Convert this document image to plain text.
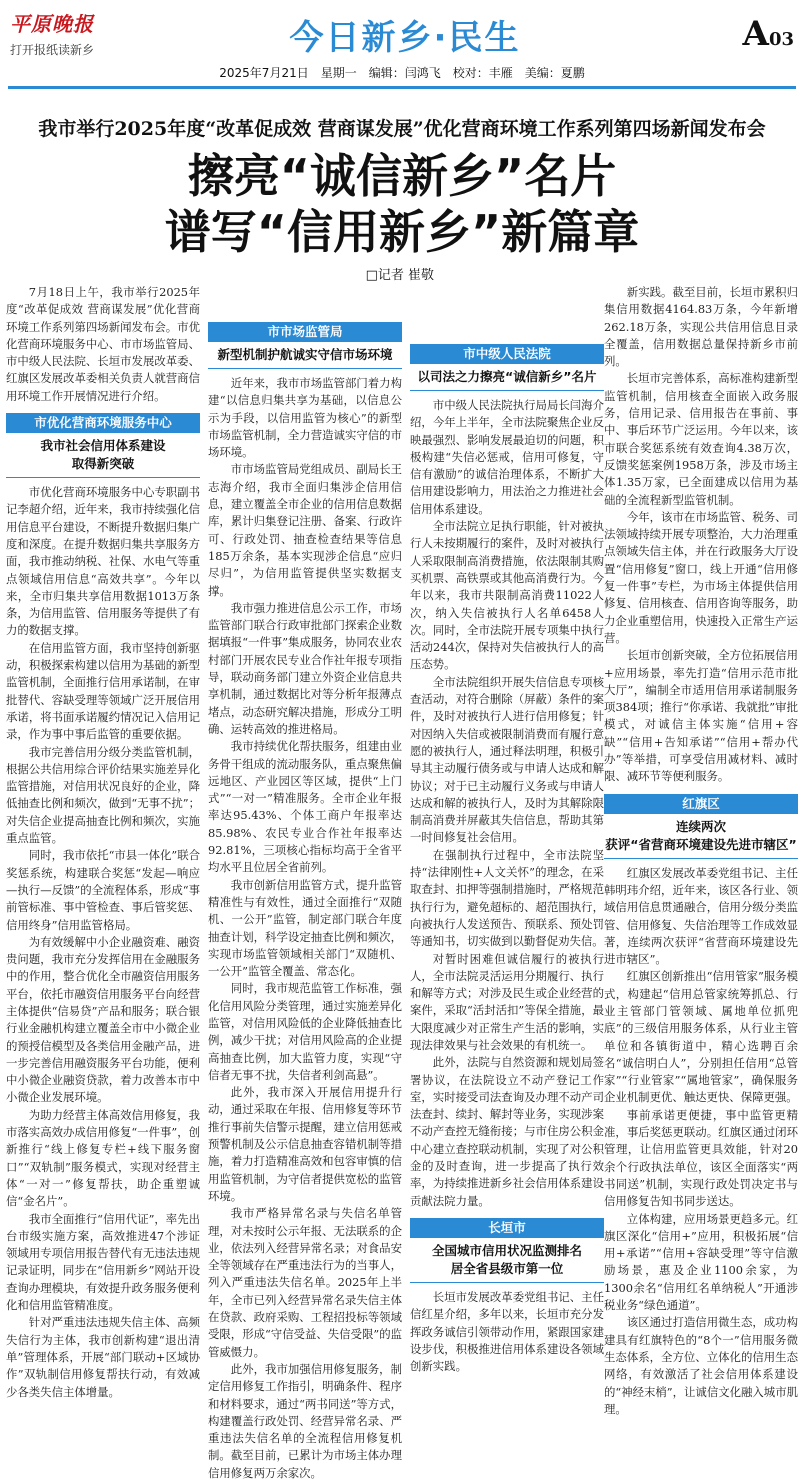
平原晚报
打开报纸读新乡	今日新乡·民生	A03
2025年7月21日　星期一　编辑：闫鸿飞　校对：丰雁　美编：夏鹏
我市举行2025年度“改革促成效 营商谋发展”优化营商环境工作系列第四场新闻发布会
擦亮“诚信新乡”名片
谱写“信用新乡”新篇章
□记者 崔敬

7月18日上午，我市举行2025年度“改革促成效 营商谋发展”优化营商环境工作系列第四场新闻发布会。市优化营商环境服务中心、市市场监管局、市中级人民法院、长垣市发展改革委、红旗区发展改革委相关负责人就营商信用环境工作开展情况进行介绍。

市优化营商环境服务中心
我市社会信用体系建设
取得新突破

市优化营商环境服务中心专职副书记李超介绍，近年来，我市持续强化信用信息平台建设，不断提升数据归集广度和深度。在提升数据归集共享服务方面，我市推动纳税、社保、水电气等重点领域信用信息“高效共享”。今年以来，全市归集共享信用数据1013万条条，为信用监管、信用服务等提供了有力的数据支撑。

在信用监管方面，我市坚持创新驱动，积极探索构建以信用为基础的新型监管机制，全面推行信用承诺制，在审批替代、容缺受理等领域广泛开展信用承诺，将书面承诺履约情况记入信用记录，作为事中事后监管的重要依据。

我市完善信用分级分类监管机制，根据公共信用综合评价结果实施差异化监管措施，对信用状况良好的企业，降低抽查比例和频次，做到“无事不扰”；对失信企业提高抽查比例和频次，实施重点监管。

同时，我市依托“市县一体化”联合奖惩系统，构建联合奖惩“发起—响应—执行—反馈”的全流程体系，形成“事前管标准、事中管检查、事后管奖惩、信用终身”信用监管格局。

为有效缓解中小企业融资难、融资贵问题，我市充分发挥信用在金融服务中的作用，整合优化全市融资信用服务平台，依托市融资信用服务平台向经营主体提供“信易贷”产品和服务；联合银行业金融机构建立覆盖全市中小微企业的预授信模型及各类信用金融产品，进一步完善信用融资服务平台功能，便利中小微企业融资贷款，着力改善本市中小微企业发展环境。

为助力经营主体高效信用修复，我市落实高效办成信用修复“一件事”，创新推行“线上修复专栏+线下服务窗口”“双轨制”服务模式，实现对经营主体“一对一”修复帮扶，助企重塑诚信“金名片”。

我市全面推行“信用代证”，率先出台市级实施方案，高效推进47个涉证领域用专项信用报告替代有无违法违规记录证明，同步在“信用新乡”网站开设查询办理模块，有效提升政务服务便利化和信用监管精准度。

针对严重违法违规失信主体、高频失信行为主体，我市创新构建“退出清单”管理体系，开展“部门联动+区域协作”双轨制信用修复帮扶行动，有效减少各类失信主体增量。

市市场监管局
新型机制护航诚实守信市场环境

近年来，我市市场监管部门着力构建“以信息归集共享为基础，以信息公示为手段，以信用监管为核心”的新型市场监管机制，全力营造诚实守信的市场环境。

市市场监管局党组成员、副局长王志海介绍，我市全面归集涉企信用信息，建立覆盖全市企业的信用信息数据库，累计归集登记注册、备案、行政许可、行政处罚、抽查检查结果等信息185万余条，基本实现涉企信息“应归尽归”，为信用监管提供坚实数据支撑。

我市强力推进信息公示工作，市场监管部门联合行政审批部门探索企业数据填报“一件事”集成服务，协同农业农村部门开展农民专业合作社年报专项指导，联动商务部门建立外资企业信息共享机制，通过数据比对等分析年报薄点堵点，动态研究解决措施，形成分工明确、运转高效的推进格局。

我市持续优化帮扶服务，组建由业务骨干组成的流动服务队，重点聚焦偏远地区、产业园区等区域，提供“上门式”“一对一”精准服务。全市企业年报率达95.43%、个体工商户年报率达85.98%、农民专业合作社年报率达92.81%，三项核心指标均高于全省平均水平且位居全省前列。

我市创新信用监管方式，提升监管精准性与有效性，通过全面推行“双随机、一公开”监管，制定部门联合年度抽查计划，科学设定抽查比例和频次，实现市场监管领域相关部门“双随机、一公开”监管全覆盖、常态化。

同时，我市规范监管工作标准，强化信用风险分类管理，通过实施差异化监管，对信用风险低的企业降低抽查比例，减少干扰；对信用风险高的企业提高抽查比例，加大监管力度，实现“守信者无事不扰，失信者利剑高悬”。

此外，我市深入开展信用提升行动，通过采取在年报、信用修复等环节推行事前失信警示提醒，建立信用惩戒预警机制及公示信息抽查容错机制等措施，着力打造精准高效和包容审慎的信用监管机制，为守信者提供宽松的监管环境。

我市严格异常名录与失信名单管理，对未按时公示年报、无法联系的企业，依法列入经营异常名录；对食品安全等领域存在严重违法行为的当事人，列入严重违法失信名单。2025年上半年，全市已列入经营异常名录失信主体在贷款、政府采购、工程招投标等领域受限，形成“守信受益、失信受限”的监管威慑力。

此外，我市加强信用修复服务，制定信用修复工作指引，明确条件、程序和材料要求，通过“两书同送”等方式，构建覆盖行政处罚、经营异常名录、严重违法失信名单的全流程信用修复机制。截至目前，已累计为市场主体办理信用修复两万余家次。

市中级人民法院
以司法之力擦亮“诚信新乡”名片

市中级人民法院执行局局长闫海介绍，今年上半年，全市法院聚焦企业反映最强烈、影响发展最迫切的问题，积极构建“失信必惩戒，信用可修复，守信有激励”的诚信治理体系，不断扩大信用建设影响力，用法治之力推进社会信用体系建设。

全市法院立足执行职能，针对被执行人未按期履行的案件，及时对被执行人采取限制高消费措施，依法限制其购买机票、高铁票或其他高消费行为。今年以来，我市共限制高消费11022人次，纳入失信被执行人名单6458人次。同时，全市法院开展专项集中执行活动244次，保持对失信被执行人的高压态势。

全市法院组织开展失信信息专项核查活动，对符合删除（屏蔽）条件的案件，及时对被执行人进行信用修复；针对因纳入失信或被限制消费而有履行意愿的被执行人，通过释法明理，积极引导其主动履行债务或与申请人达成和解协议；对于已主动履行义务或与申请人达成和解的被执行人，及时为其解除限制高消费并屏蔽其失信信息，帮助其第一时间修复社会信用。

在强制执行过程中，全市法院坚持“法律刚性+人文关怀”的理念，在采取查封、扣押等强制措施时，严格规范执行行为，避免超标的、超范围执行，向被执行人发送预告、预联系、预处罚等通知书，切实做到以勤督促劝失信。

对暂时困难但诚信履行的被执行人，全市法院灵活运用分期履行、执行和解等方式；对涉及民生或企业经营的案件，采取“活封活扣”等保全措施，最大限度减少对正常生产生活的影响，实现法律效果与社会效果的有机统一。

此外，法院与自然资源和规划局签署协议，在法院设立不动产登记工作室，实时接受司法查询及办理不动产司法查封、续封、解封等业务，实现涉案不动产查控无缝衔接；与市住房公积金中心建立查控联动机制，实现了对公积金的及时查询，进一步提高了执行效率，为持续推进新乡社会信用体系建设贡献法院力量。

长垣市
全国城市信用状况监测排名
居全省县级市第一位

长垣市发展改革委党组书记、主任信红星介绍，多年以来，长垣市充分发挥政务诚信引领带动作用，紧跟国家建设步伐，积极推进信用体系建设各领域创新实践。

新实践。截至目前，长垣市累积归集信用数据4164.83万条，今年新增262.18万条，实现公共信用信息目录全覆盖，信用数据总量保持新乡市前列。

长垣市完善体系，高标准构建新型监管机制，信用核查全面嵌入政务服务，信用记录、信用报告在事前、事中、事后环节广泛运用。今年以来，该市联合奖惩系统有效查询4.38万次，反馈奖惩案例1958万条，涉及市场主体1.35万家，已全面建成以信用为基础的全流程新型监管机制。

今年，该市在市场监管、税务、司法领域持续开展专项整治，大力治理重点领域失信主体，并在行政服务大厅设置“信用修复”窗口，线上开通“信用修复一件事”专栏，为市场主体提供信用修复、信用核查、信用咨询等服务，助力企业重塑信用，快速投入正常生产运营。

长垣市创新突破，全方位拓展信用+应用场景，率先打造“信用示范市批大厅”，编制全市适用信用承诺制服务项384项；推行“你承诺、我就批”审批模式，对诚信主体实施“信用+容缺”“信用+告知承诺”“信用+帮办代办”等举措，可享受信用减材料、减时限、减环节等便利服务。

红旗区
连续两次
获评“省营商环境建设先进市辖区”

红旗区发展改革委党组书记、主任韩明玮介绍，近年来，该区各行业、领域信用信息贯通融合，信用分级分类监管、信用修复、失信治理等工作成效显著，连续两次获评“省营商环境建设先进市辖区”。

红旗区创新推出“信用管家”服务模式，构建起“信用总管家统筹抓总、行业主管部门管领域、属地单位抓兜底”的三级信用服务体系，从行业主管单位和各镇街道中，精心选聘百余名“诚信明白人”，分别担任信用“总管家”“行业管家”“属地管家”，确保服务企业机制更优、触达更快、保障更强。

事前承诺更便捷，事中监管更精准，事后奖惩更联动。红旗区通过闭环管理，让信用监管更具效能，针对20余个行政执法单位，该区全面落实“两书同送”机制，实现行政处罚决定书与信用修复告知书同步送达。

立体构建，应用场景更趋多元。红旗区深化“信用+”应用，积极拓展“信用+承诺”“信用+容缺受理”等守信激励场景，惠及企业1100余家，为1300余名“信用红名单纳税人”开通涉税业务“绿色通道”。

该区通过打造信用微生态，成功构建具有红旗特色的“8个一”信用服务微生态体系，全方位、立体化的信用生态网络，有效激活了社会信用体系建设的“神经末梢”，让诚信文化融入城市肌理。
